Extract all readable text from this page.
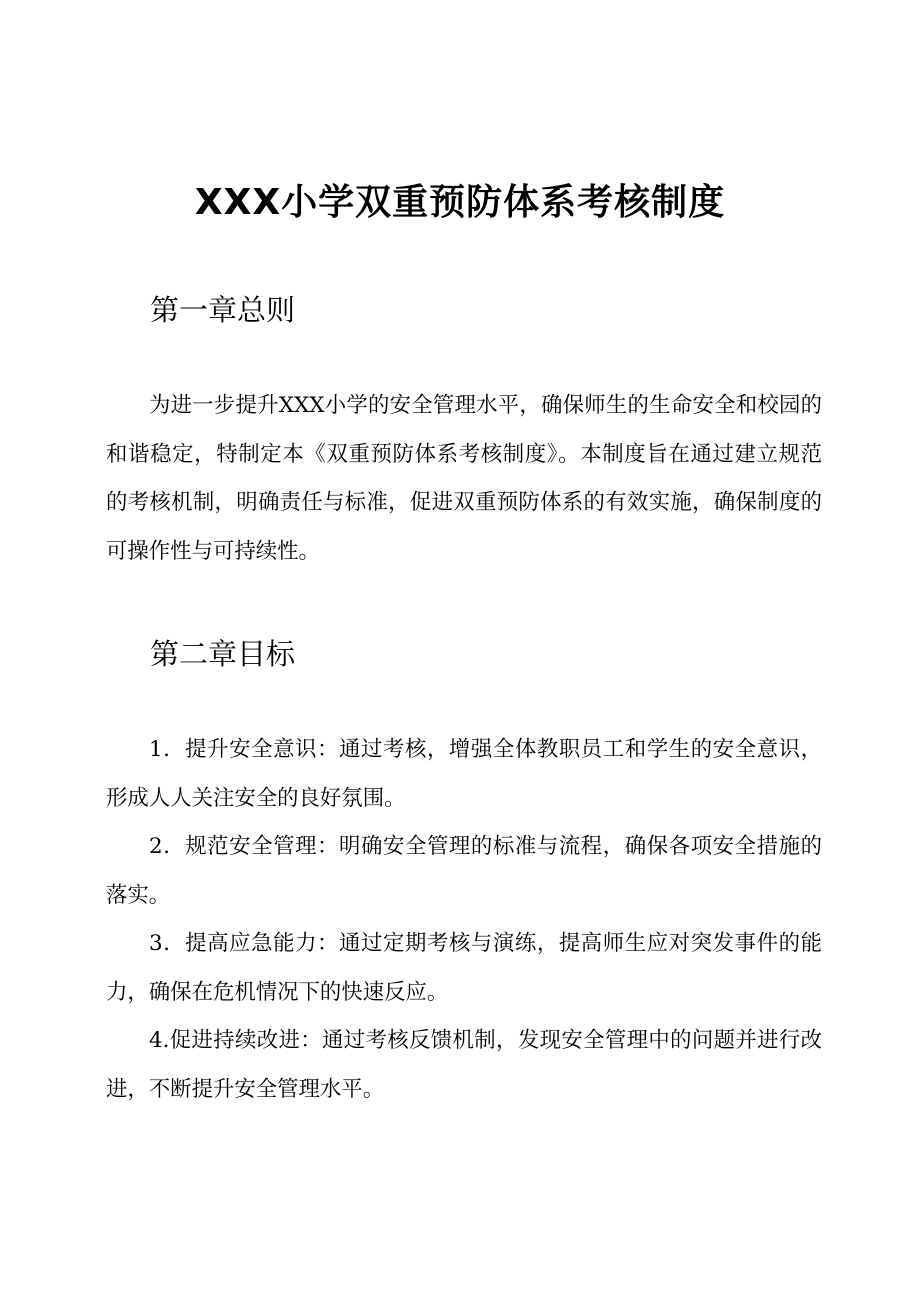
XXX小学双重预防体系考核制度
第一章总则

为进一步提升XXX小学的安全管理水平，确保师生的生命安全和校园的和谐稳定，特制定本《双重预防体系考核制度》。本制度旨在通过建立规范的考核机制，明确责任与标准，促进双重预防体系的有效实施，确保制度的可操作性与可持续性。

第二章目标

1．提升安全意识：通过考核，增强全体教职员工和学生的安全意识，形成人人关注安全的良好氛围。

2．规范安全管理：明确安全管理的标准与流程，确保各项安全措施的落实。

3．提高应急能力：通过定期考核与演练，提高师生应对突发事件的能力，确保在危机情况下的快速反应。

4.促进持续改进：通过考核反馈机制，发现安全管理中的问题并进行改进，不断提升安全管理水平。
